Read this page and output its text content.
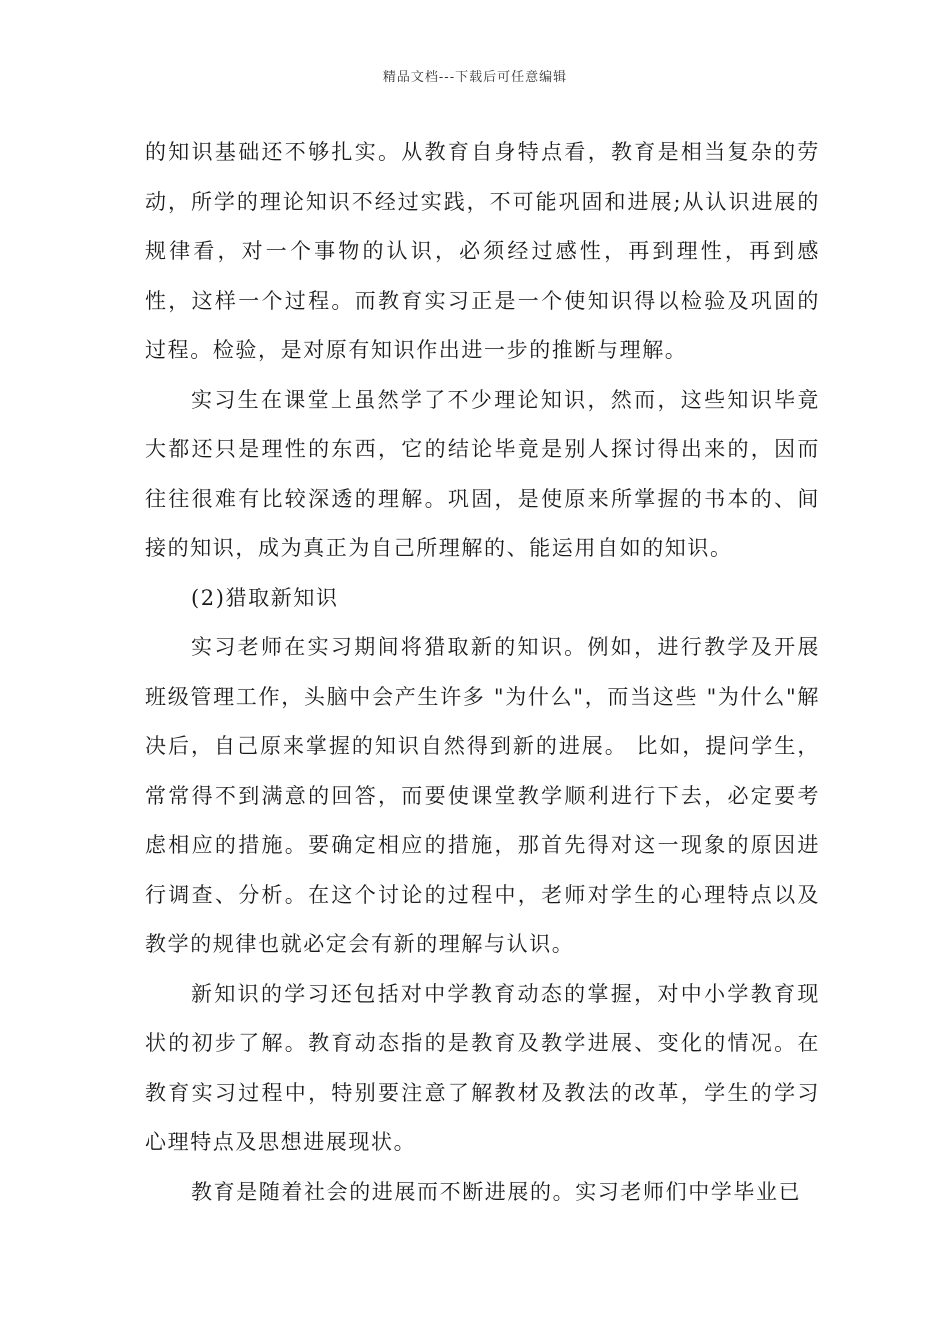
精品文档---下载后可任意编辑

的知识基础还不够扎实。从教育自身特点看，教育是相当复杂的劳动，所学的理论知识不经过实践，不可能巩固和进展;从认识进展的规律看，对一个事物的认识，必须经过感性，再到理性，再到感性，这样一个过程。而教育实习正是一个使知识得以检验及巩固的过程。检验，是对原有知识作出进一步的推断与理解。

实习生在课堂上虽然学了不少理论知识，然而，这些知识毕竟大都还只是理性的东西，它的结论毕竟是别人探讨得出来的，因而往往很难有比较深透的理解。巩固，是使原来所掌握的书本的、间接的知识，成为真正为自己所理解的、能运用自如的知识。

(2)猎取新知识

实习老师在实习期间将猎取新的知识。例如，进行教学及开展班级管理工作，头脑中会产生许多 "为什么"，而当这些 "为什么"解决后，自己原来掌握的知识自然得到新的进展。 比如，提问学生，常常得不到满意的回答，而要使课堂教学顺利进行下去，必定要考虑相应的措施。要确定相应的措施，那首先得对这一现象的原因进行调查、分析。在这个讨论的过程中，老师对学生的心理特点以及教学的规律也就必定会有新的理解与认识。

新知识的学习还包括对中学教育动态的掌握，对中小学教育现状的初步了解。教育动态指的是教育及教学进展、变化的情况。在教育实习过程中，特别要注意了解教材及教法的改革，学生的学习心理特点及思想进展现状。

教育是随着社会的进展而不断进展的。实习老师们中学毕业已
